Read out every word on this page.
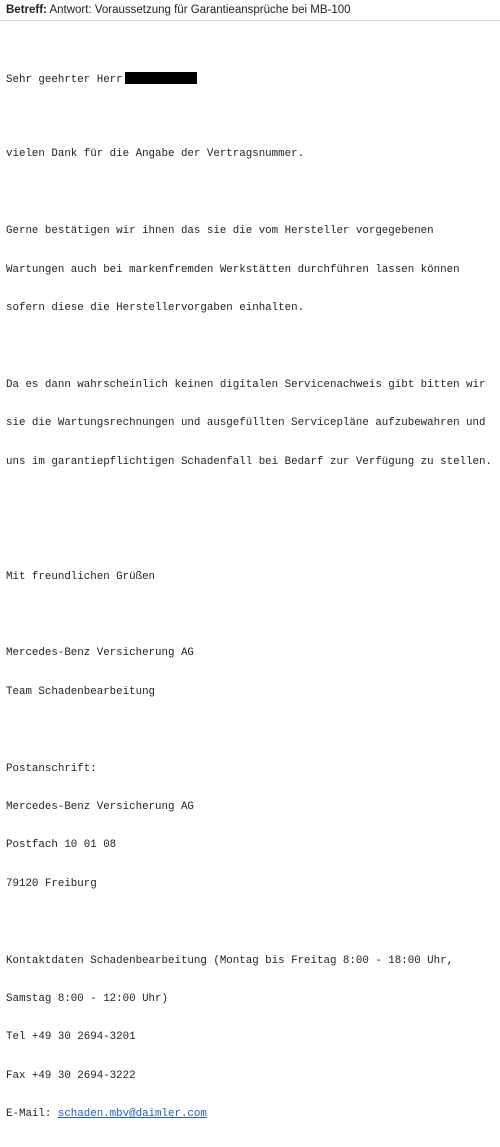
Betreff: Antwort: Voraussetzung für Garantieansprüche bei MB-100

Sehr geehrter Herr

vielen Dank für die Angabe der Vertragsnummer.

Gerne bestätigen wir ihnen das sie die vom Hersteller vorgegebenen

Wartungen auch bei markenfremden Werkstätten durchführen lassen können

sofern diese die Herstellervorgaben einhalten.

Da es dann wahrscheinlich keinen digitalen Servicenachweis gibt bitten wir

sie die Wartungsrechnungen und ausgefüllten Servicepläne aufzubewahren und

uns im garantiepflichtigen Schadenfall bei Bedarf zur Verfügung zu stellen.

Mit freundlichen Grüßen

Mercedes-Benz Versicherung AG

Team Schadenbearbeitung

Postanschrift:

Mercedes-Benz Versicherung AG

Postfach 10 01 08

79120 Freiburg

Kontaktdaten Schadenbearbeitung (Montag bis Freitag 8:00 - 18:00 Uhr,

Samstag 8:00 - 12:00 Uhr)

Tel +49 30 2694-3201

Fax +49 30 2694-3222

E-Mail: schaden.mbv@daimler.com
